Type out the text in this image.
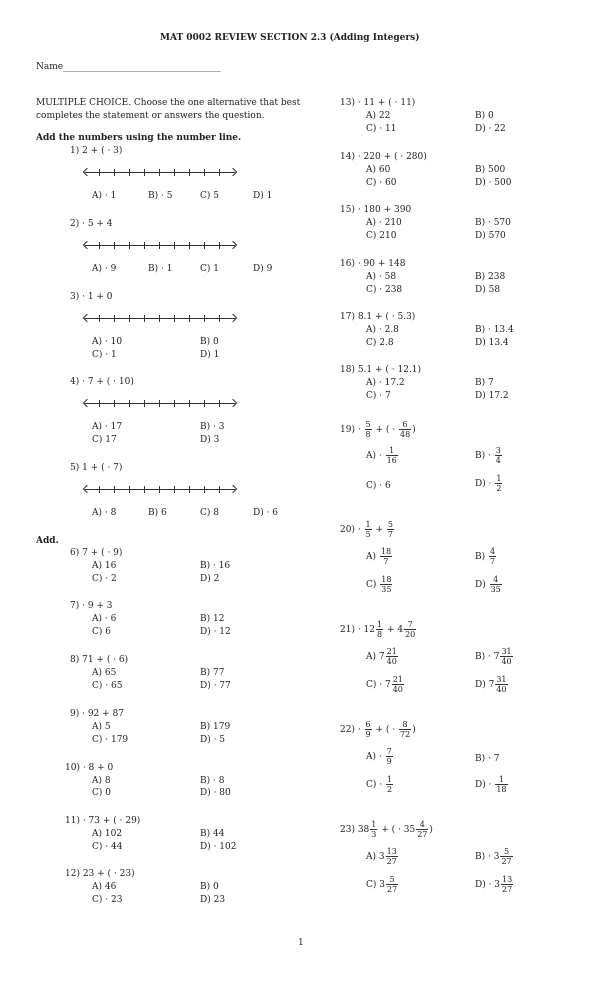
MAT 0002 REVIEW SECTION 2.3 (Adding Integers)
Name___________________________________
MULTIPLE CHOICE. Choose the one alternative that best
completes the statement or answers the question.
Add the numbers using the number line.
1) 2 + ( · 3)
A) · 1	B) · 5	C) 5	D) 1
2) · 5 + 4
A) · 9	B) · 1	C) 1	D) 9
3) · 1 + 0
A) · 10	B) 0
C) · 1	D) 1
4) · 7 + ( · 10)
A) · 17	B) · 3
C) 17	D) 3
5) 1 + ( · 7)
A) · 8	B) 6	C) 8	D) · 6
Add.
6) 7 + ( · 9)
A) 16	B) · 16
C) · 2	D) 2
7) · 9 + 3
A) · 6	B) 12
C) 6	D) · 12
8) 71 + ( · 6)
A) 65	B) 77
C) · 65	D) · 77
9) · 92 + 87
A) 5	B) 179
C) · 179	D) · 5
10) · 8 + 0
A) 8	B) · 8
C) 0	D) · 80
11) · 73 + ( · 29)
A) 102	B) 44
C) · 44	D) · 102
12) 23 + ( · 23)
A) 46	B) 0
C) · 23	D) 23
13) · 11 + ( · 11)
A) 22	B) 0
C) · 11	D) · 22
14) · 220 + ( · 280)
A) 60	B) 500
C) · 60	D) · 500
15) · 180 + 390
A) · 210	B) · 570
C) 210	D) 570
16) · 90 + 148
A) · 58	B) 238
C) · 238	D) 58
17) 8.1 + ( · 5.3)
A) · 2.8	B) · 13.4
C) 2.8	D) 13.4
18) 5.1 + ( · 12.1)
A) · 17.2	B) 7
C) · 7	D) 17.2
$19) \cdot \frac{5}{8}$ + ( · $\frac{6}{48}$ )
$A) \cdot \frac{1}{16}$	$B) \cdot \frac{3}{4}$
C) · 6	$D) \cdot \frac{1}{2}$
$20) \cdot \frac{1}{5} + \frac{5}{7}$
$A) \frac{18}{7}$	$B) \frac{4}{7}$
$C) \frac{18}{35}$	$D) \frac{4}{35}$
$21) \cdot 12 \frac{1}{8} + 4 \frac{7}{20}$
A) $7 \frac{21}{40}$	$B) \cdot 7 \frac{31}{40}$
$C) \cdot 7 \frac{21}{40}$	D) $7 \frac{31}{40}$
$22) \cdot \frac{6}{9}$ + ( · $\frac{8}{72}$ )
$A) \cdot \frac{7}{9}$	B) · 7
$C) \cdot \frac{1}{2}$	$D) \cdot \frac{1}{18}$
23) $38 \frac{1}{3}$ + ( · $35 \frac{4}{27}$ )
A) $3 \frac{13}{27}$	$B) \cdot 3 \frac{5}{27}$
C) $3 \frac{5}{27}$	$D) \cdot 3 \frac{13}{27}$
1
